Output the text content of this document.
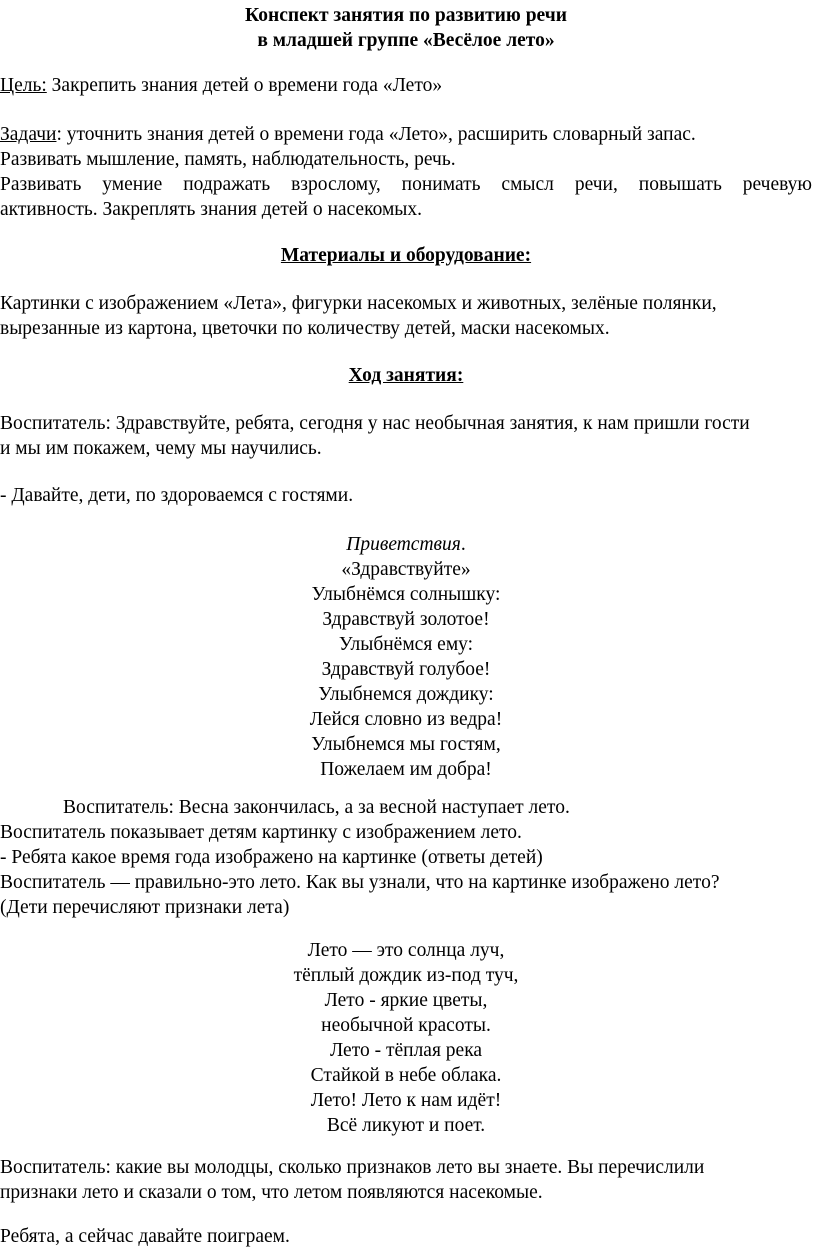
Конспект занятия по развитию речи
в младшей группе «Весёлое лето»
Цель: Закрепить знания детей о времени года «Лето»
Задачи: уточнить знания детей о времени года «Лето», расширить словарный запас.
Развивать мышление, память, наблюдательность, речь.
Развивать умение подражать взрослому, понимать смысл речи, повышать речевую
активность. Закреплять знания детей о насекомых.
Материалы и оборудование:
Картинки с изображением «Лета», фигурки насекомых и животных, зелёные полянки,
вырезанные из картона, цветочки по количеству детей, маски насекомых.
Ход занятия:
Воспитатель: Здравствуйте, ребята, сегодня у нас необычная занятия, к нам пришли гости
и мы им покажем, чему мы научились.
- Давайте, дети, по здороваемся с гостями.
Приветствия.
«Здравствуйте»
Улыбнёмся солнышку:
Здравствуй золотое!
Улыбнёмся ему:
Здравствуй голубое!
Улыбнемся дождику:
Лейся словно из ведра!
Улыбнемся мы гостям,
Пожелаем им добра!
Воспитатель: Весна закончилась, а за весной наступает лето.
Воспитатель показывает детям картинку с изображением лето.
- Ребята какое время года изображено на картинке (ответы детей)
Воспитатель — правильно-это лето. Как вы узнали, что на картинке изображено лето?
(Дети перечисляют признаки лета)
Лето — это солнца луч,
тёплый дождик из-под туч,
Лето - яркие цветы,
необычной красоты.
Лето - тёплая река
Стайкой в небе облака.
Лето! Лето к нам идёт!
Всё ликуют и поет.
Воспитатель: какие вы молодцы, сколько признаков лето вы знаете. Вы перечислили
признаки лето и сказали о том, что летом появляются насекомые.
Ребята, а сейчас давайте поиграем.
